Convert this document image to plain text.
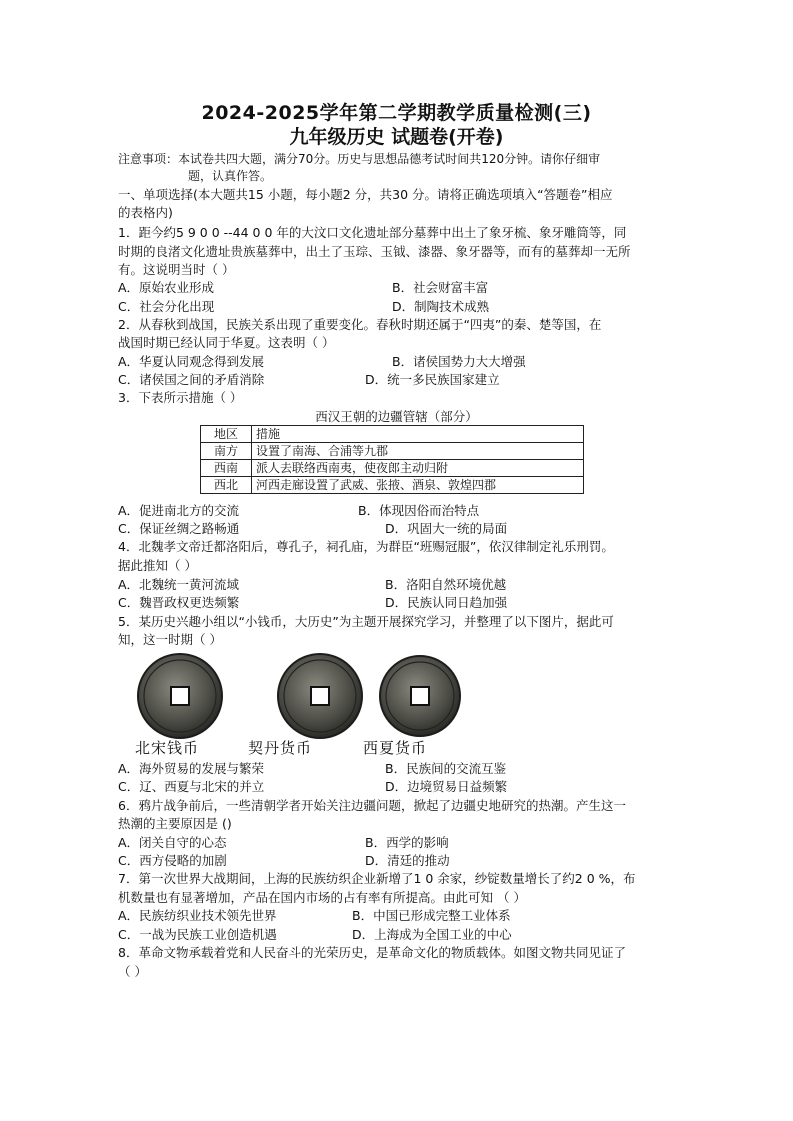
2024-2025学年第二学期教学质量检测(三)
九年级历史 试题卷(开卷)
注意事项：本试卷共四大题，满分70分。历史与思想品德考试时间共120分钟。请你仔细审
题，认真作答。
一、单项选择(本大题共15 小题，每小题2 分，共30 分。请将正确选项填入“答题卷”相应
的表格内)
1．距今约5 9 0 0 --44 0 0 年的大汶口文化遗址部分墓葬中出土了象牙梳、象牙雕筒等，同
时期的良渚文化遗址贵族墓葬中，出土了玉琮、玉钺、漆器、象牙器等，而有的墓葬却一无所
有。这说明当时（ ）
A．原始农业形成	B．社会财富丰富
C．社会分化出现	D．制陶技术成熟
2．从春秋到战国，民族关系出现了重要变化。春秋时期还属于“四夷”的秦、楚等国，在
战国时期已经认同于华夏。这表明（ ）
A．华夏认同观念得到发展	B．诸侯国势力大大增强
C．诸侯国之间的矛盾消除	D．统一多民族国家建立
3．下表所示措施（ ）
西汉王朝的边疆管辖（部分）
地区	措施
南方	设置了南海、合浦等九郡
西南	派人去联络西南夷，使夜郎主动归附
西北	河西走廊设置了武威、张掖、酒泉、敦煌四郡
A．促进南北方的交流	B．体现因俗而治特点
C．保证丝绸之路畅通	D．巩固大一统的局面
4．北魏孝文帝迁都洛阳后，尊孔子，祠孔庙，为群臣“班赐冠服”，依汉律制定礼乐刑罚。
据此推知（ ）
A．北魏统一黄河流域	B．洛阳自然环境优越
C．魏晋政权更迭频繁	D．民族认同日趋加强
5．某历史兴趣小组以“小钱币，大历史”为主题开展探究学习，并整理了以下图片，据此可
知，这一时期（ ）
北宋钱币	契丹货币	西夏货币
A．海外贸易的发展与繁荣	B．民族间的交流互鉴
C．辽、西夏与北宋的并立	D．边境贸易日益频繁
6．鸦片战争前后，一些清朝学者开始关注边疆问题，掀起了边疆史地研究的热潮。产生这一
热潮的主要原因是 ()
A．闭关自守的心态	B．西学的影响
C．西方侵略的加剧	D．清廷的推动
7．第一次世界大战期间，上海的民族纺织企业新增了1 0 余家，纱锭数量增长了约2 0 %，布
机数量也有显著增加，产品在国内市场的占有率有所提高。由此可知 （ ）
A．民族纺织业技术领先世界	B．中国已形成完整工业体系
C．一战为民族工业创造机遇	D．上海成为全国工业的中心
8．革命文物承载着党和人民奋斗的光荣历史，是革命文化的物质载体。如图文物共同见证了
（ ）
